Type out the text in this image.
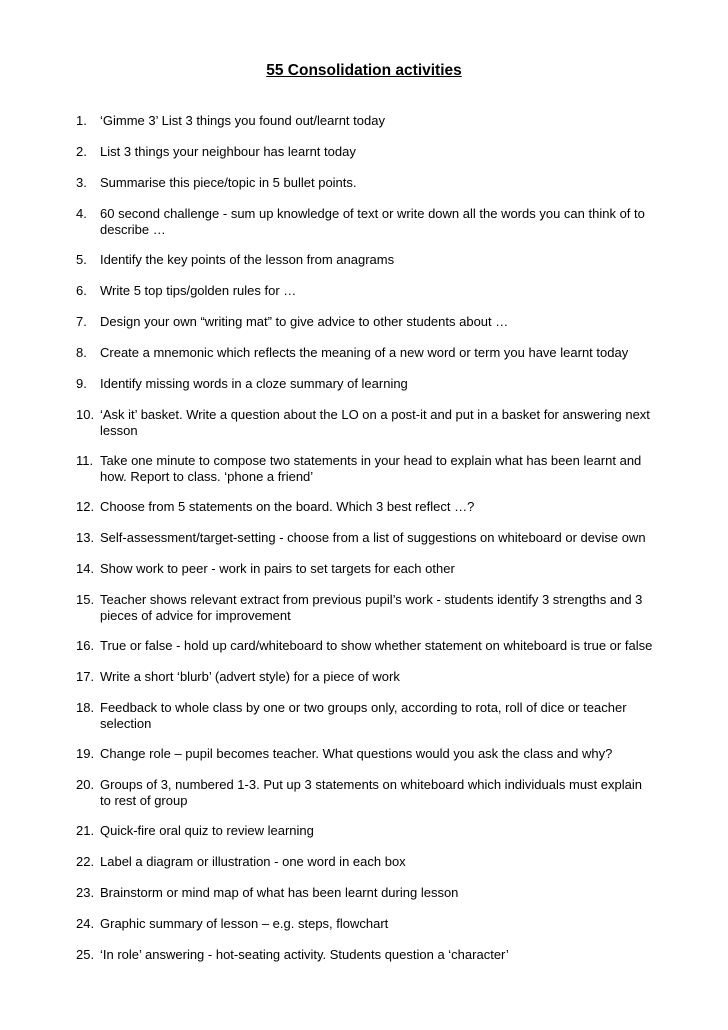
55 Consolidation activities
1. ‘Gimme 3’ List 3 things you found out/learnt today
2. List 3 things your neighbour has learnt today
3. Summarise this piece/topic in 5 bullet points.
4. 60 second challenge - sum up knowledge of text or write down all the words you can think of to
describe …
5. Identify the key points of the lesson from anagrams
6. Write 5 top tips/golden rules for …
7. Design your own “writing mat” to give advice to other students about …
8. Create a mnemonic which reflects the meaning of a new word or term you have learnt today
9. Identify missing words in a cloze summary of learning
10. ‘Ask it’ basket. Write a question about the LO on a post-it and put in a basket for answering next
lesson
11. Take one minute to compose two statements in your head to explain what has been learnt and
how. Report to class. ‘phone a friend’
12. Choose from 5 statements on the board. Which 3 best reflect …?
13. Self-assessment/target-setting - choose from a list of suggestions on whiteboard or devise own
14. Show work to peer - work in pairs to set targets for each other
15. Teacher shows relevant extract from previous pupil’s work - students identify 3 strengths and 3
pieces of advice for improvement
16. True or false - hold up card/whiteboard to show whether statement on whiteboard is true or false
17. Write a short ‘blurb’ (advert style) for a piece of work
18. Feedback to whole class by one or two groups only, according to rota, roll of dice or teacher
selection
19. Change role – pupil becomes teacher. What questions would you ask the class and why?
20. Groups of 3, numbered 1-3. Put up 3 statements on whiteboard which individuals must explain
to rest of group
21. Quick-fire oral quiz to review learning
22. Label a diagram or illustration - one word in each box
23. Brainstorm or mind map of what has been learnt during lesson
24. Graphic summary of lesson – e.g. steps, flowchart
25. ‘In role’ answering - hot-seating activity. Students question a ‘character’
